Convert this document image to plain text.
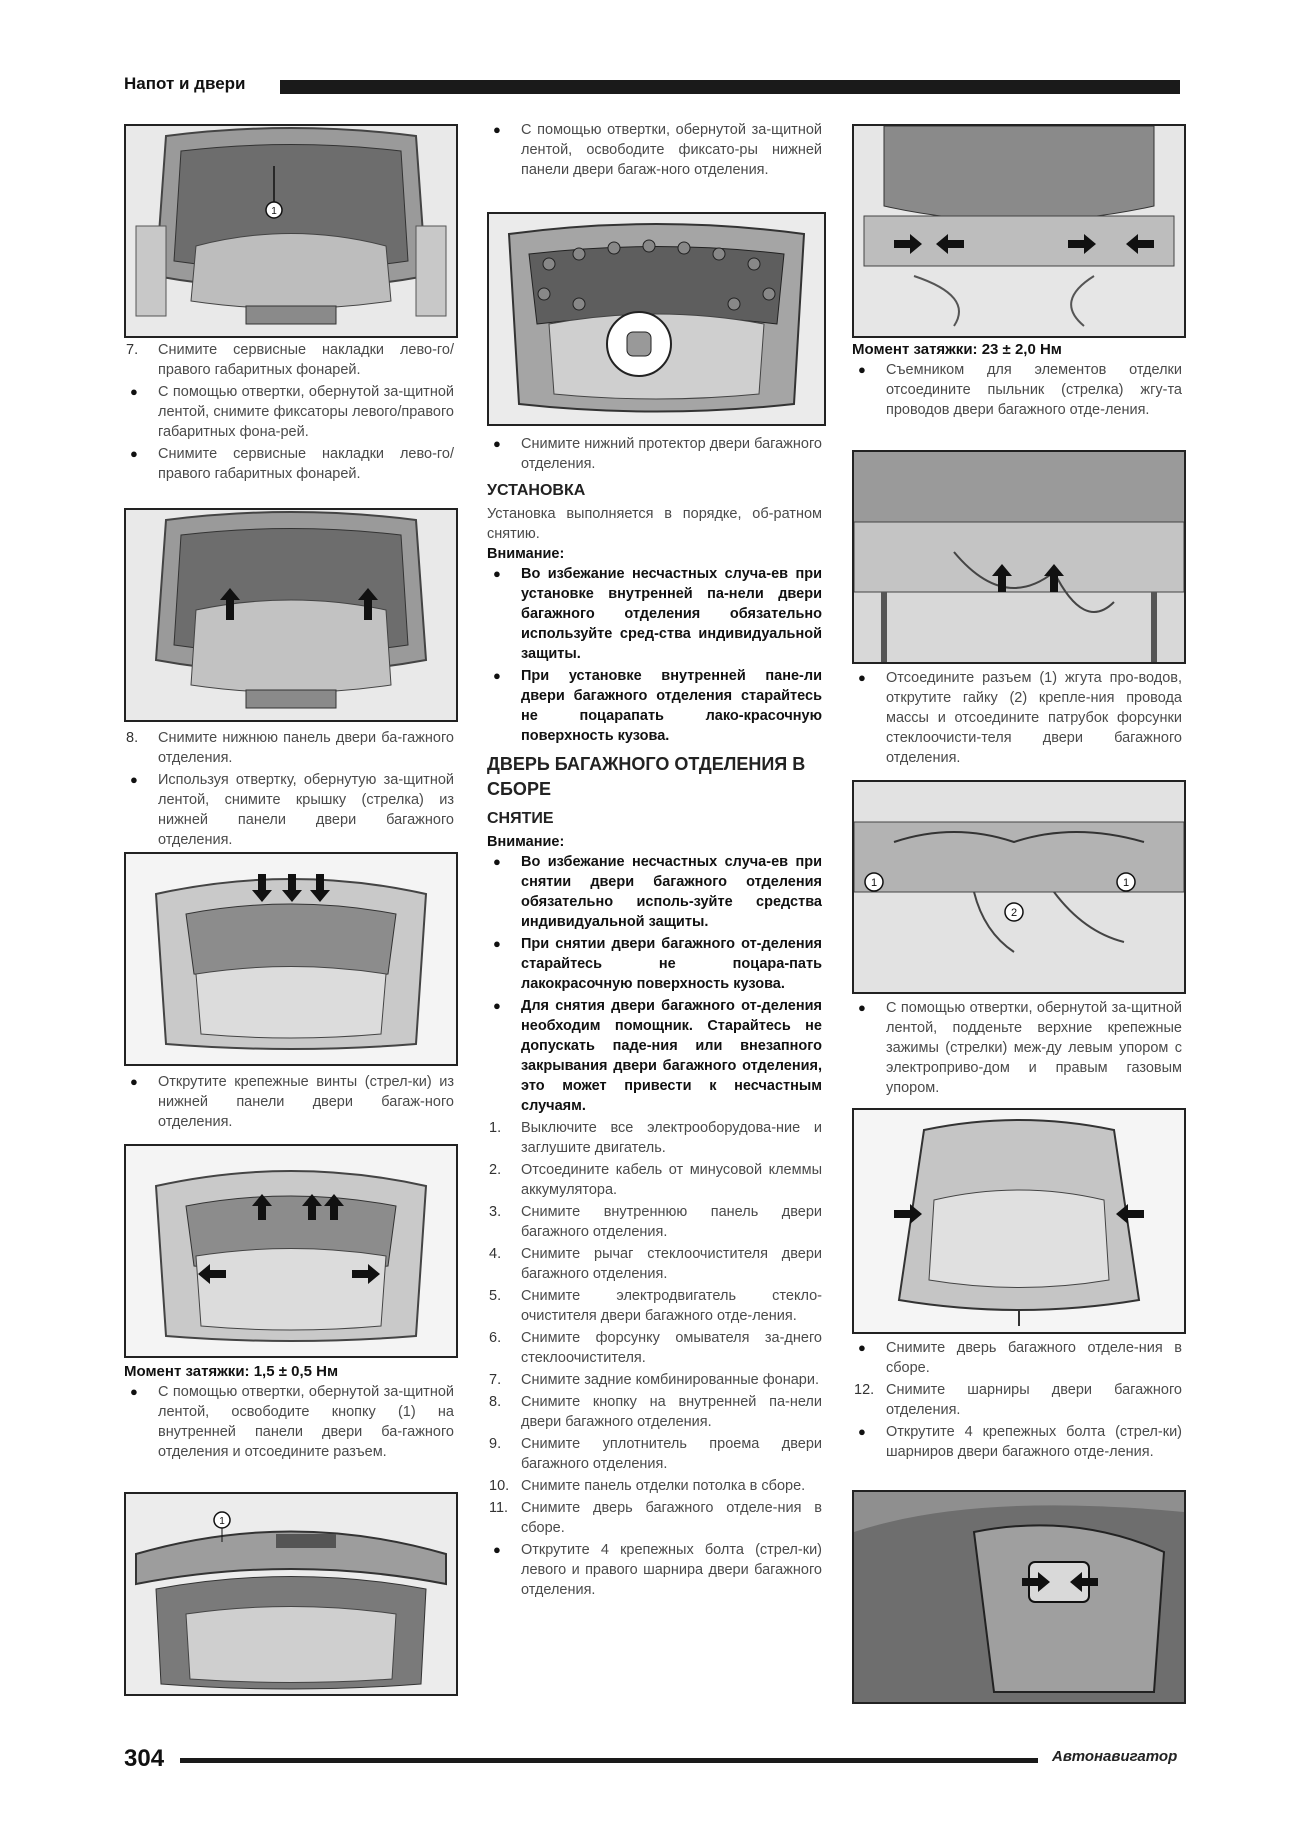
Напот и двери
1
7. Снимите сервисные накладки лево-го/правого габаритных фонарей.
● С помощью отвертки, обернутой за-щитной лентой, снимите фиксаторы левого/правого габаритных фона-рей.
● Снимите сервисные накладки лево-го/правого габаритных фонарей.
8. Снимите нижнюю панель двери ба-гажного отделения.
● Используя отвертку, обернутую за-щитной лентой, снимите крышку (стрелка) из нижней панели двери багажного отделения.
● Открутите крепежные винты (стрел-ки) из нижней панели двери багаж-ного отделения.
Момент затяжки: 1,5 ± 0,5 Нм
● С помощью отвертки, обернутой за-щитной лентой, освободите кнопку (1) на внутренней панели двери ба-гажного отделения и отсоедините разъем.
1
● С помощью отвертки, обернутой за-щитной лентой, освободите фиксато-ры нижней панели двери багаж-ного отделения.
● Снимите нижний протектор двери багажного отделения.
УСТАНОВКА
Установка выполняется в порядке, об-ратном снятию.
Внимание:
● Во избежание несчастных случа-ев при установке внутренней па-нели двери багажного отделения обязательно используйте сред-ства индивидуальной защиты.
● При установке внутренней пане-ли двери багажного отделения старайтесь не поцарапать лако-красочную поверхность кузова.
ДВЕРЬ БАГАЖНОГО ОТДЕЛЕНИЯ В СБОРЕ
СНЯТИЕ
Внимание:
● Во избежание несчастных случа-ев при снятии двери багажного отделения обязательно исполь-зуйте средства индивидуальной защиты.
● При снятии двери багажного от-деления старайтесь не поцара-пать лакокрасочную поверхность кузова.
● Для снятия двери багажного от-деления необходим помощник. Старайтесь не допускать паде-ния или внезапного закрывания двери багажного отделения, это может привести к несчастным случаям.
1. Выключите все электрооборудова-ние и заглушите двигатель.
2. Отсоедините кабель от минусовой клеммы аккумулятора.
3. Снимите внутреннюю панель двери багажного отделения.
4. Снимите рычаг стеклоочистителя двери багажного отделения.
5. Снимите электродвигатель стекло-очистителя двери багажного отде-ления.
6. Снимите форсунку омывателя за-днего стеклоочистителя.
7. Снимите задние комбинированные фонари.
8. Снимите кнопку на внутренней па-нели двери багажного отделения.
9. Снимите уплотнитель проема двери багажного отделения.
10. Снимите панель отделки потолка в сборе.
11. Снимите дверь багажного отделе-ния в сборе.
● Открутите 4 крепежных болта (стрел-ки) левого и правого шарнира двери багажного отделения.
Момент затяжки: 23 ± 2,0 Нм
● Съемником для элементов отделки отсоедините пыльник (стрелка) жгу-та проводов двери багажного отде-ления.
● Отсоедините разъем (1) жгута про-водов, открутите гайку (2) крепле-ния провода массы и отсоедините патрубок форсунки стеклоочисти-теля двери багажного отделения.
1	1
2
● С помощью отвертки, обернутой за-щитной лентой, подденьте верхние крепежные зажимы (стрелки) меж-ду левым упором с электроприво-дом и правым газовым упором.
● Снимите дверь багажного отделе-ния в сборе.
12. Снимите шарниры двери багажного отделения.
● Открутите 4 крепежных болта (стрел-ки) шарниров двери багажного отде-ления.
304	Автонавигатор
